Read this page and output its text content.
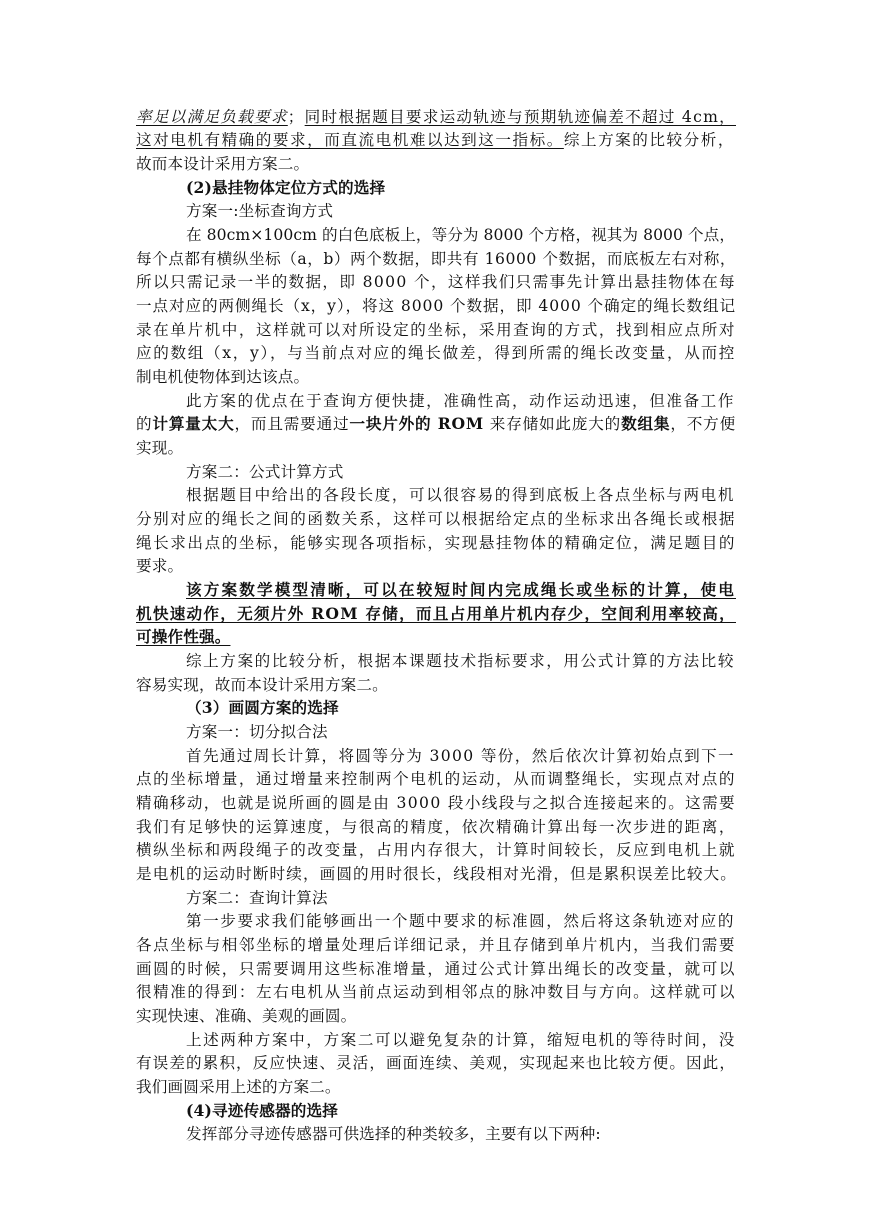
率足以满足负载要求；同时根据题目要求运动轨迹与预期轨迹偏差不超过 4cm，
这对电机有精确的要求，而直流电机难以达到这一指标。综上方案的比较分析，
故而本设计采用方案二。
(2)悬挂物体定位方式的选择
方案一:坐标查询方式
在 80cm×100cm 的白色底板上，等分为 8000 个方格，视其为 8000 个点，
每个点都有横纵坐标（a，b）两个数据，即共有 16000 个数据，而底板左右对称，
所以只需记录一半的数据，即 8000 个，这样我们只需事先计算出悬挂物体在每
一点对应的两侧绳长（x，y），将这 8000 个数据，即 4000 个确定的绳长数组记
录在单片机中，这样就可以对所设定的坐标，采用查询的方式，找到相应点所对
应的数组（x，y），与当前点对应的绳长做差，得到所需的绳长改变量，从而控
制电机使物体到达该点。
此方案的优点在于查询方便快捷，准确性高，动作运动迅速，但准备工作
的计算量太大，而且需要通过一块片外的 ROM 来存储如此庞大的数组集，不方便
实现。
方案二：公式计算方式
根据题目中给出的各段长度，可以很容易的得到底板上各点坐标与两电机
分别对应的绳长之间的函数关系，这样可以根据给定点的坐标求出各绳长或根据
绳长求出点的坐标，能够实现各项指标，实现悬挂物体的精确定位，满足题目的
要求。
该方案数学模型清晰，可以在较短时间内完成绳长或坐标的计算，使电
机快速动作，无须片外 ROM 存储，而且占用单片机内存少，空间利用率较高，
可操作性强。
综上方案的比较分析，根据本课题技术指标要求，用公式计算的方法比较
容易实现，故而本设计采用方案二。
（3）画圆方案的选择
方案一：切分拟合法
首先通过周长计算，将圆等分为 3000 等份，然后依次计算初始点到下一
点的坐标增量，通过增量来控制两个电机的运动，从而调整绳长，实现点对点的
精确移动，也就是说所画的圆是由 3000 段小线段与之拟合连接起来的。这需要
我们有足够快的运算速度，与很高的精度，依次精确计算出每一次步进的距离，
横纵坐标和两段绳子的改变量，占用内存很大，计算时间较长，反应到电机上就
是电机的运动时断时续，画圆的用时很长，线段相对光滑，但是累积误差比较大。
方案二：查询计算法
第一步要求我们能够画出一个题中要求的标准圆，然后将这条轨迹对应的
各点坐标与相邻坐标的增量处理后详细记录，并且存储到单片机内，当我们需要
画圆的时候，只需要调用这些标准增量，通过公式计算出绳长的改变量，就可以
很精准的得到：左右电机从当前点运动到相邻点的脉冲数目与方向。这样就可以
实现快速、准确、美观的画圆。
上述两种方案中，方案二可以避免复杂的计算，缩短电机的等待时间，没
有误差的累积，反应快速、灵活，画面连续、美观，实现起来也比较方便。因此，
我们画圆采用上述的方案二。
(4)寻迹传感器的选择
发挥部分寻迹传感器可供选择的种类较多，主要有以下两种:
